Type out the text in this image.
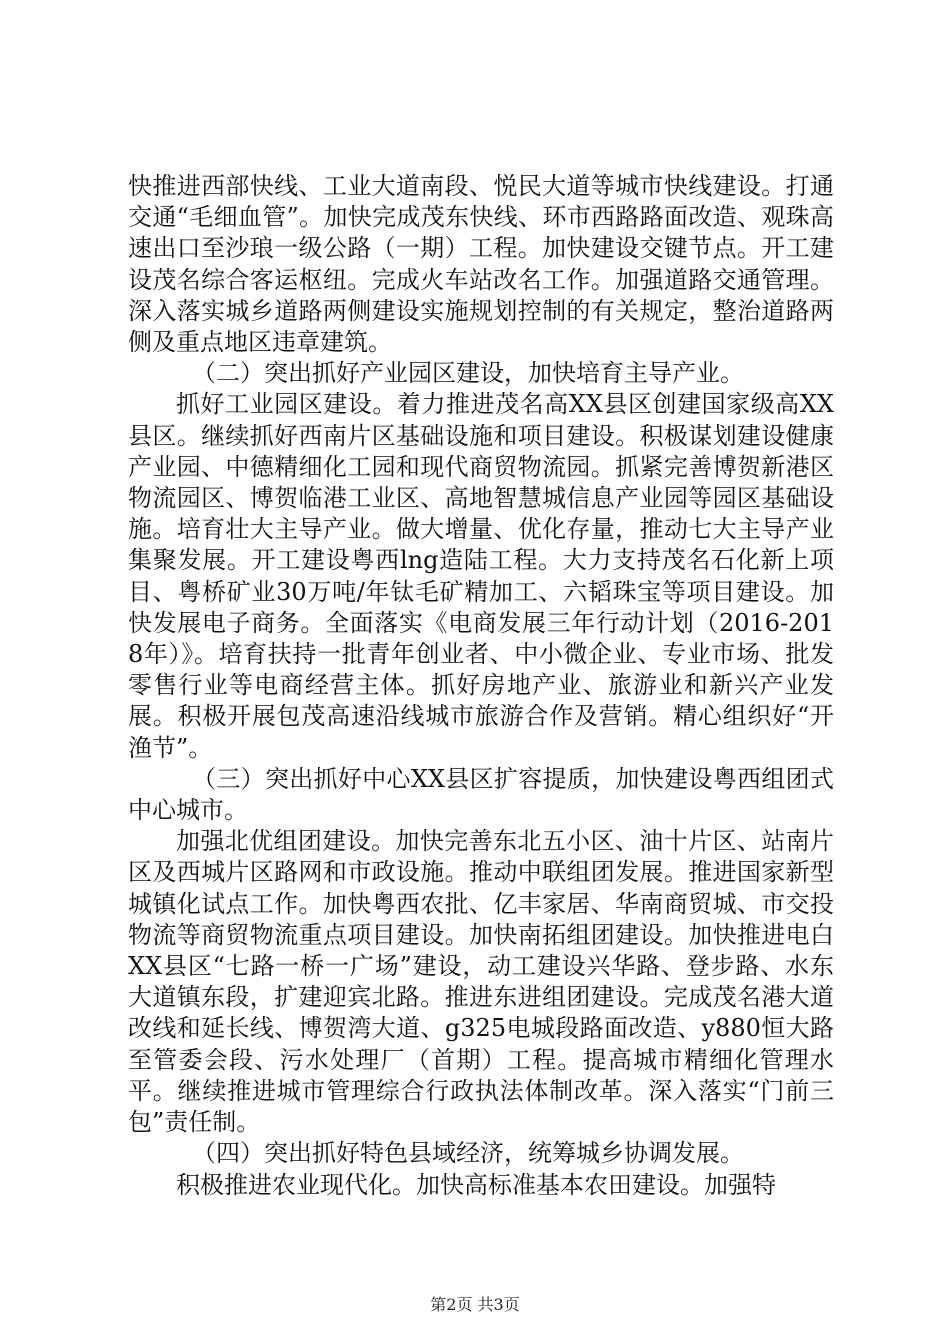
快推进西部快线、工业大道南段、悦民大道等城市快线建设。打通交通“毛细血管”。加快完成茂东快线、环市西路路面改造、观珠高速出口至沙琅一级公路（一期）工程。加快建设交键节点。开工建设茂名综合客运枢纽。完成火车站改名工作。加强道路交通管理。深入落实城乡道路两侧建设实施规划控制的有关规定，整治道路两侧及重点地区违章建筑。

（二）突出抓好产业园区建设，加快培育主导产业。

抓好工业园区建设。着力推进茂名高XX县区创建国家级高XX县区。继续抓好西南片区基础设施和项目建设。积极谋划建设健康产业园、中德精细化工园和现代商贸物流园。抓紧完善博贺新港区物流园区、博贺临港工业区、高地智慧城信息产业园等园区基础设施。培育壮大主导产业。做大增量、优化存量，推动七大主导产业集聚发展。开工建设粤西lng造陆工程。大力支持茂名石化新上项目、粤桥矿业30万吨/年钛毛矿精加工、六韬珠宝等项目建设。加快发展电子商务。全面落实《电商发展三年行动计划（2016-2018年）》。培育扶持一批青年创业者、中小微企业、专业市场、批发零售行业等电商经营主体。抓好房地产业、旅游业和新兴产业发展。积极开展包茂高速沿线城市旅游合作及营销。精心组织好“开渔节”。

（三）突出抓好中心XX县区扩容提质，加快建设粤西组团式中心城市。

加强北优组团建设。加快完善东北五小区、油十片区、站南片区及西城片区路网和市政设施。推动中联组团发展。推进国家新型城镇化试点工作。加快粤西农批、亿丰家居、华南商贸城、市交投物流等商贸物流重点项目建设。加快南拓组团建设。加快推进电白XX县区“七路一桥一广场”建设，动工建设兴华路、登步路、水东大道镇东段，扩建迎宾北路。推进东进组团建设。完成茂名港大道改线和延长线、博贺湾大道、g325电城段路面改造、y880恒大路至管委会段、污水处理厂（首期）工程。提高城市精细化管理水平。继续推进城市管理综合行政执法体制改革。深入落实“门前三包”责任制。

（四）突出抓好特色县域经济，统筹城乡协调发展。

积极推进农业现代化。加快高标准基本农田建设。加强特

第2页 共3页
